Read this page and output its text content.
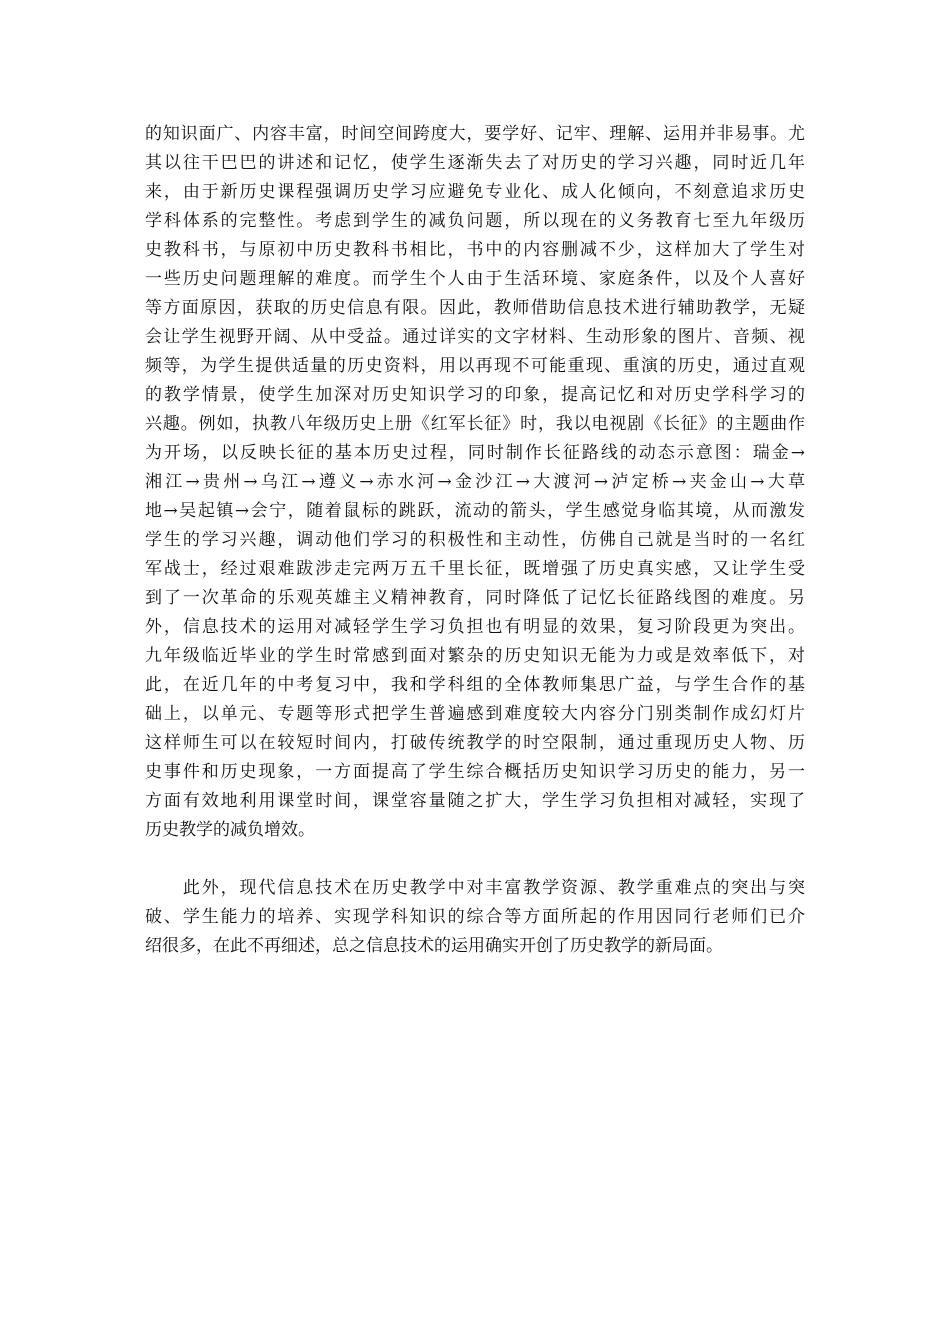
的知识面广、内容丰富，时间空间跨度大，要学好、记牢、理解、运用并非易事。尤
其以往干巴巴的讲述和记忆，使学生逐渐失去了对历史的学习兴趣，同时近几年
来，由于新历史课程强调历史学习应避免专业化、成人化倾向，不刻意追求历史
学科体系的完整性。考虑到学生的减负问题，所以现在的义务教育七至九年级历
史教科书，与原初中历史教科书相比，书中的内容删减不少，这样加大了学生对
一些历史问题理解的难度。而学生个人由于生活环境、家庭条件，以及个人喜好
等方面原因，获取的历史信息有限。因此，教师借助信息技术进行辅助教学，无疑
会让学生视野开阔、从中受益。通过详实的文字材料、生动形象的图片、音频、视
频等，为学生提供适量的历史资料，用以再现不可能重现、重演的历史，通过直观
的教学情景，使学生加深对历史知识学习的印象，提高记忆和对历史学科学习的
兴趣。例如，执教八年级历史上册《红军长征》时，我以电视剧《长征》的主题曲作
为开场，以反映长征的基本历史过程，同时制作长征路线的动态示意图：瑞金→
湘江→贵州→乌江→遵义→赤水河→金沙江→大渡河→泸定桥→夹金山→大草
地→吴起镇→会宁，随着鼠标的跳跃，流动的箭头，学生感觉身临其境，从而激发
学生的学习兴趣，调动他们学习的积极性和主动性，仿佛自己就是当时的一名红
军战士，经过艰难跋涉走完两万五千里长征，既增强了历史真实感，又让学生受
到了一次革命的乐观英雄主义精神教育，同时降低了记忆长征路线图的难度。另
外，信息技术的运用对减轻学生学习负担也有明显的效果，复习阶段更为突出。
九年级临近毕业的学生时常感到面对繁杂的历史知识无能为力或是效率低下，对
此，在近几年的中考复习中，我和学科组的全体教师集思广益，与学生合作的基
础上，以单元、专题等形式把学生普遍感到难度较大内容分门别类制作成幻灯片
这样师生可以在较短时间内，打破传统教学的时空限制，通过重现历史人物、历
史事件和历史现象，一方面提高了学生综合概括历史知识学习历史的能力，另一
方面有效地利用课堂时间，课堂容量随之扩大，学生学习负担相对减轻，实现了
历史教学的减负增效。
　　此外，现代信息技术在历史教学中对丰富教学资源、教学重难点的突出与突
破、学生能力的培养、实现学科知识的综合等方面所起的作用因同行老师们已介
绍很多，在此不再细述，总之信息技术的运用确实开创了历史教学的新局面。
